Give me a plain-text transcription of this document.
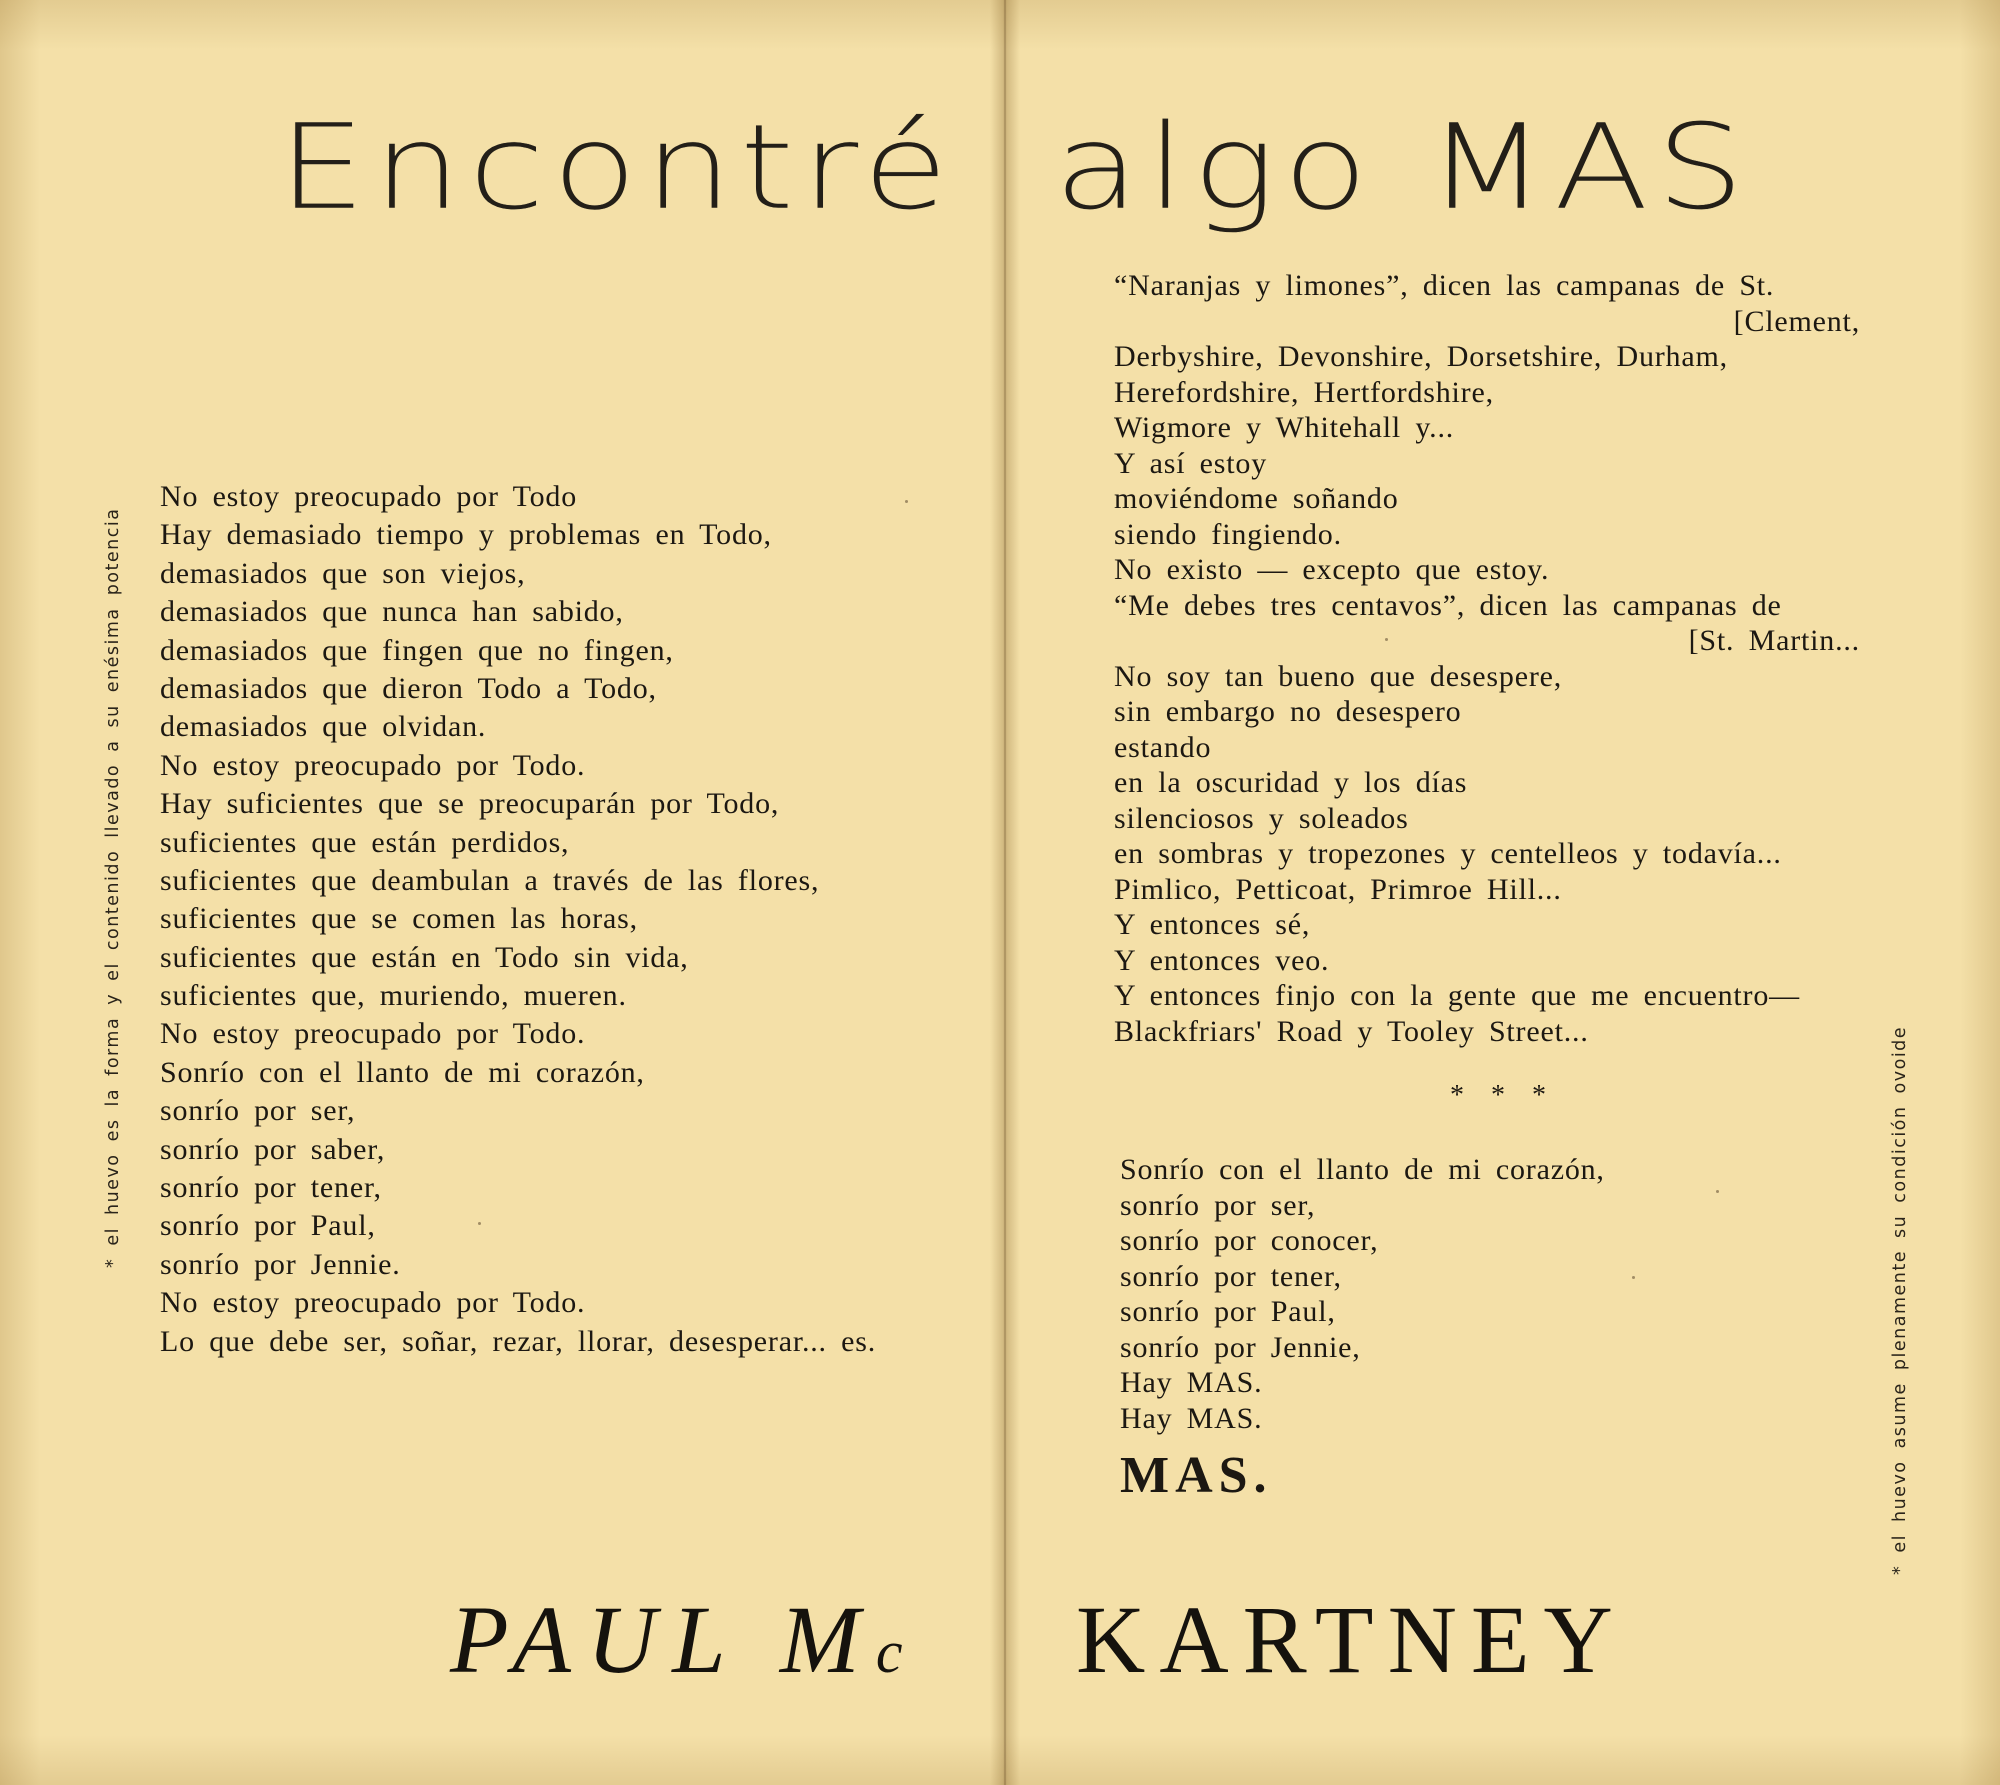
Encontré
* el huevo es la forma y el contenido llevado a su enésima potencia
No estoy preocupado por Todo
Hay demasiado tiempo y problemas en Todo,
demasiados que son viejos,
demasiados que nunca han sabido,
demasiados que fingen que no fingen,
demasiados que dieron Todo a Todo,
demasiados que olvidan.
No estoy preocupado por Todo.
Hay suficientes que se preocuparán por Todo,
suficientes que están perdidos,
suficientes que deambulan a través de las flores,
suficientes que se comen las horas,
suficientes que están en Todo sin vida,
suficientes que, muriendo, mueren.
No estoy preocupado por Todo.
Sonrío con el llanto de mi corazón,
sonrío por ser,
sonrío por saber,
sonrío por tener,
sonrío por Paul,
sonrío por Jennie.
No estoy preocupado por Todo.
Lo que debe ser, soñar, rezar, llorar, desesperar... es.
PAUL Mc
algo MAS
“Naranjas y limones”, dicen las campanas de St.
[Clement,
Derbyshire, Devonshire, Dorsetshire, Durham,
Herefordshire, Hertfordshire,
Wigmore y Whitehall y...
Y así estoy
moviéndome soñando
siendo fingiendo.
No existo — excepto que estoy.
“Me debes tres centavos”, dicen las campanas de
[St. Martin...
No soy tan bueno que desespere,
sin embargo no desespero
estando
en la oscuridad y los días
silenciosos y soleados
en sombras y tropezones y centelleos y todavía...
Pimlico, Petticoat, Primroe Hill...
Y entonces sé,
Y entonces veo.
Y entonces finjo con la gente que me encuentro—
Blackfriars' Road y Tooley Street...
* * *
Sonrío con el llanto de mi corazón,
sonrío por ser,
sonrío por conocer,
sonrío por tener,
sonrío por Paul,
sonrío por Jennie,
Hay MAS.
Hay MAS.
MAS.	* el huevo asume plenamente su condición ovoide
KARTNEY
